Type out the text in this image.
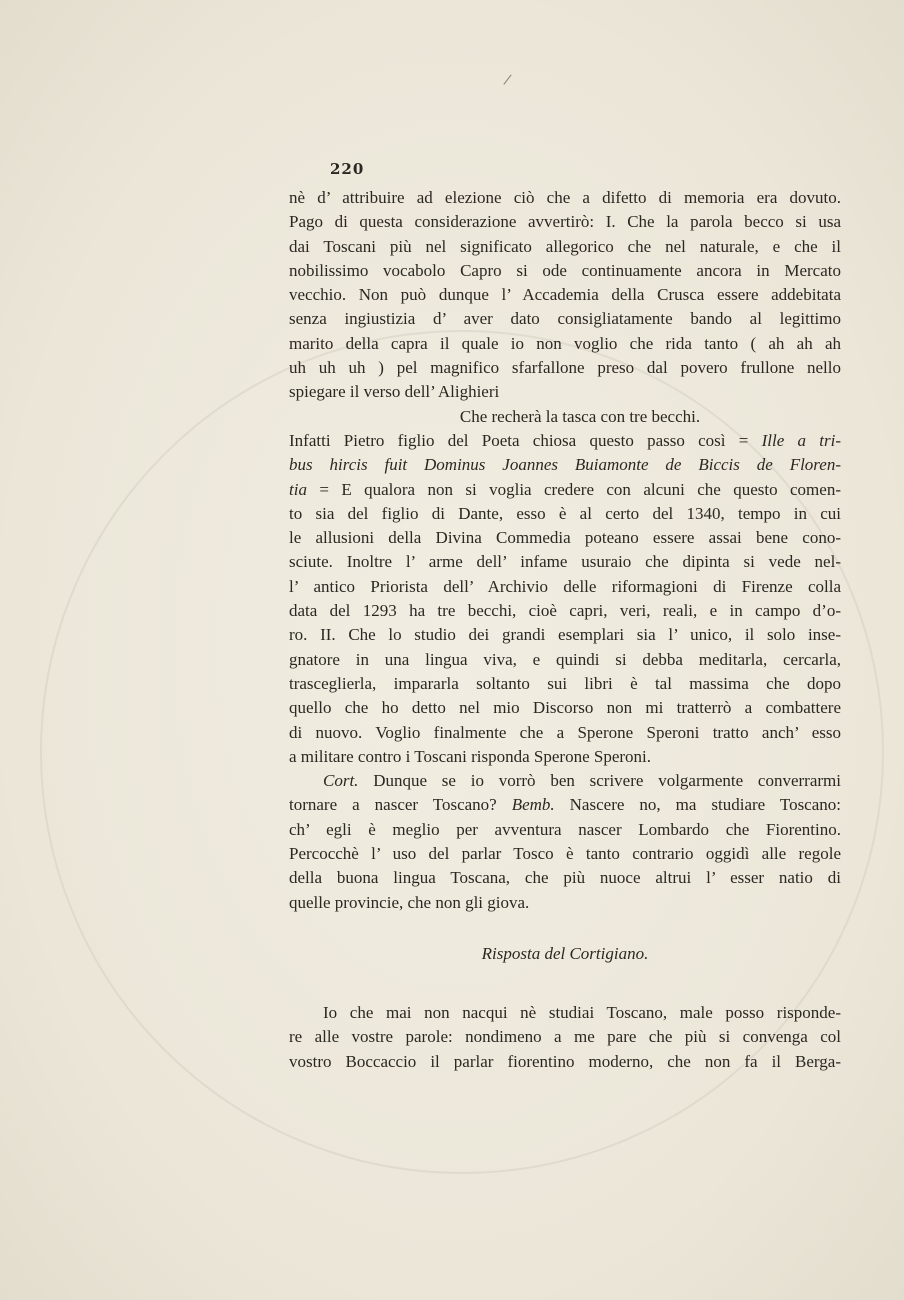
/
220
nè d’ attribuire ad elezione ciò che a difetto di memoria era dovuto.
Pago di questa considerazione avvertirò: I. Che la parola becco si usa
dai Toscani più nel significato allegorico che nel naturale, e che il
nobilissimo vocabolo Capro si ode continuamente ancora in Mercato
vecchio. Non può dunque l’ Accademia della Crusca essere addebitata
senza ingiustizia d’ aver dato consigliatamente bando al legittimo
marito della capra il quale io non voglio che rida tanto ( ah ah ah
uh uh uh ) pel magnifico sfarfallone preso dal povero frullone nello
spiegare il verso dell’ Alighieri
Che recherà la tasca con tre becchi.
Infatti Pietro figlio del Poeta chiosa questo passo così = Ille a tri-
bus hircis fuit Dominus Joannes Buiamonte de Biccis de Floren-
tia = E qualora non si voglia credere con alcuni che questo comen-
to sia del figlio di Dante, esso è al certo del 1340, tempo in cui
le allusioni della Divina Commedia poteano essere assai bene cono-
sciute. Inoltre l’ arme dell’ infame usuraio che dipinta si vede nel-
l’ antico Priorista dell’ Archivio delle riformagioni di Firenze colla
data del 1293 ha tre becchi, cioè capri, veri, reali, e in campo d’o-
ro. II. Che lo studio dei grandi esemplari sia l’ unico, il solo inse-
gnatore in una lingua viva, e quindi si debba meditarla, cercarla,
trasceglierla, impararla soltanto sui libri è tal massima che dopo
quello che ho detto nel mio Discorso non mi tratterrò a combattere
di nuovo. Voglio finalmente che a Sperone Speroni tratto anch’ esso
a militare contro i Toscani risponda Sperone Speroni.
Cort. Dunque se io vorrò ben scrivere volgarmente converrarmi
tornare a nascer Toscano? Bemb. Nascere no, ma studiare Toscano:
ch’ egli è meglio per avventura nascer Lombardo che Fiorentino.
Percocchè l’ uso del parlar Tosco è tanto contrario oggidì alle regole
della buona lingua Toscana, che più nuoce altrui l’ esser natio di
quelle provincie, che non gli giova.
Risposta del Cortigiano.
Io che mai non nacqui nè studiai Toscano, male posso risponde-
re alle vostre parole: nondimeno a me pare che più si convenga col
vostro Boccaccio il parlar fiorentino moderno, che non fa il Berga-
